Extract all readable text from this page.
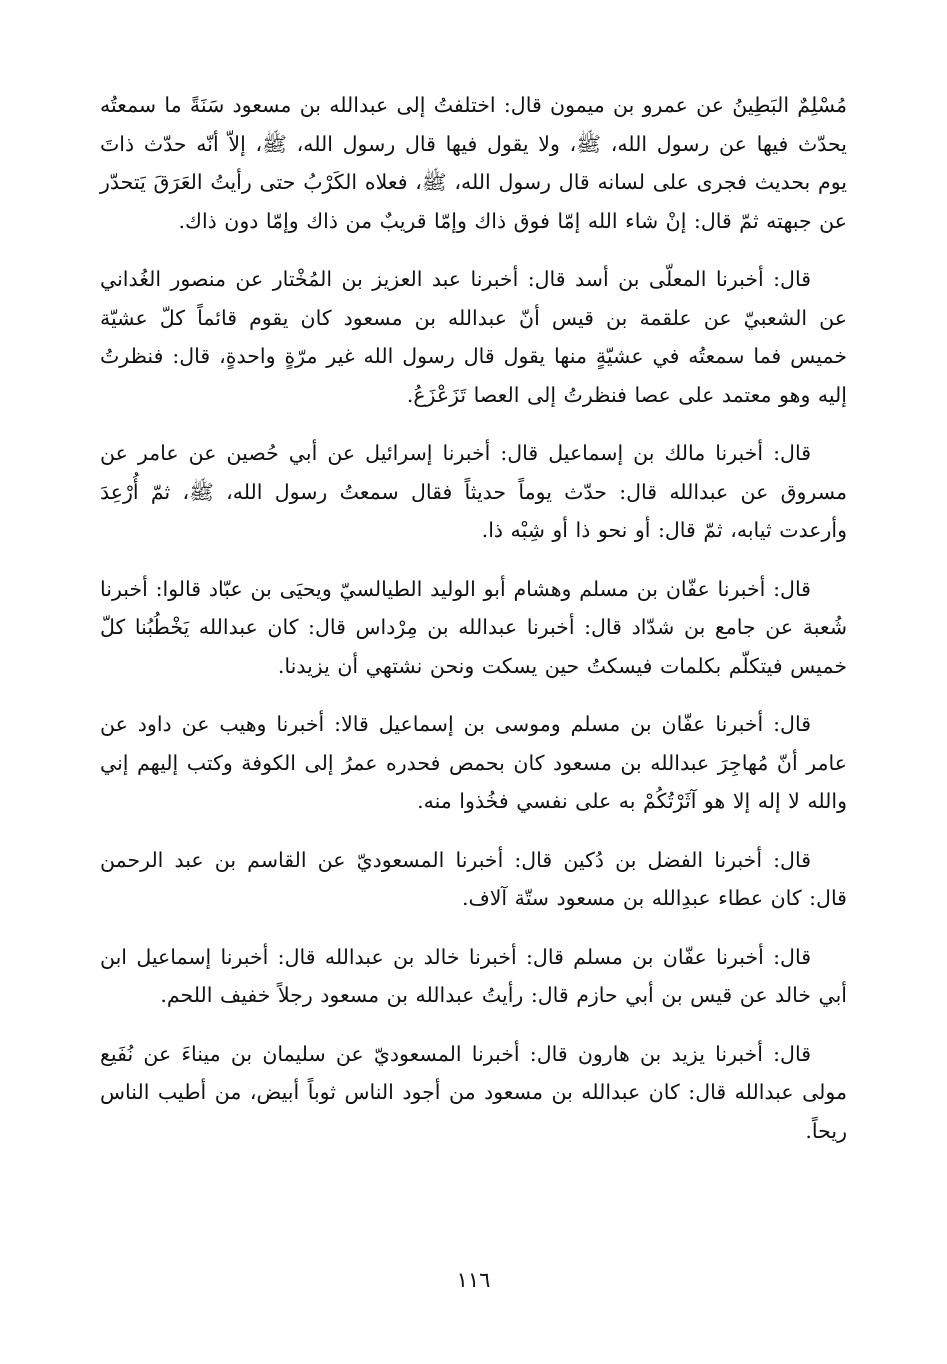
مُسْلِمٌ البَطِينُ عن عمرو بن ميمون قال: اختلفتُ إلى عبدالله بن مسعود سَنَةً ما سمعتُه يحدّث فيها عن رسول الله، ﷺ، ولا يقول فيها قال رسول الله، ﷺ، إلاّ أنّه حدّث ذاتَ يوم بحديث فجرى على لسانه قال رسول الله، ﷺ، فعلاه الكَرْبُ حتى رأيتُ العَرَقَ يَتحدّر عن جبهته ثمّ قال: إنْ شاء الله إمّا فوق ذاك وإمّا قريبٌ من ذاك وإمّا دون ذاك.

قال: أخبرنا المعلّى بن أسد قال: أخبرنا عبد العزيز بن المُخْتار عن منصور الغُداني عن الشعبيّ عن علقمة بن قيس أنّ عبدالله بن مسعود كان يقوم قائماً كلّ عشيّة خميس فما سمعتُه في عشيّةٍ منها يقول قال رسول الله غير مرّةٍ واحدةٍ، قال: فنظرتُ إليه وهو معتمد على عصا فنظرتُ إلى العصا تَزَعْزَعُ.

قال: أخبرنا مالك بن إسماعيل قال: أخبرنا إسرائيل عن أبي حُصين عن عامر عن مسروق عن عبدالله قال: حدّث يوماً حديثاً فقال سمعتُ رسول الله، ﷺ، ثمّ أُرْعِدَ وأرعدت ثيابه، ثمّ قال: أو نحو ذا أو شِبْه ذا.

قال: أخبرنا عفّان بن مسلم وهشام أبو الوليد الطيالسيّ ويحيَى بن عبّاد قالوا: أخبرنا شُعبة عن جامع بن شدّاد قال: أخبرنا عبدالله بن مِرْداس قال: كان عبدالله يَخْطُبُنا كلّ خميس فيتكلّم بكلمات فيسكتُ حين يسكت ونحن نشتهي أن يزيدنا.

قال: أخبرنا عفّان بن مسلم وموسى بن إسماعيل قالا: أخبرنا وهيب عن داود عن عامر أنّ مُهاجِرَ عبدالله بن مسعود كان بحمص فحدره عمرُ إلى الكوفة وكتب إليهم إني والله لا إله إلا هو آثَرْتُكُمْ به على نفسي فخُذوا منه.

قال: أخبرنا الفضل بن دُكين قال: أخبرنا المسعوديّ عن القاسم بن عبد الرحمن قال: كان عطاء عبدِالله بن مسعود ستّة آلاف.

قال: أخبرنا عفّان بن مسلم قال: أخبرنا خالد بن عبدالله قال: أخبرنا إسماعيل ابن أبي خالد عن قيس بن أبي حازم قال: رأيتُ عبدالله بن مسعود رجلاً خفيف اللحم.

قال: أخبرنا يزيد بن هارون قال: أخبرنا المسعوديّ عن سليمان بن ميناءَ عن نُفَيع مولى عبدالله قال: كان عبدالله بن مسعود من أجود الناس ثوباً أبيض، من أطيب الناس ريحاً.

١١٦
